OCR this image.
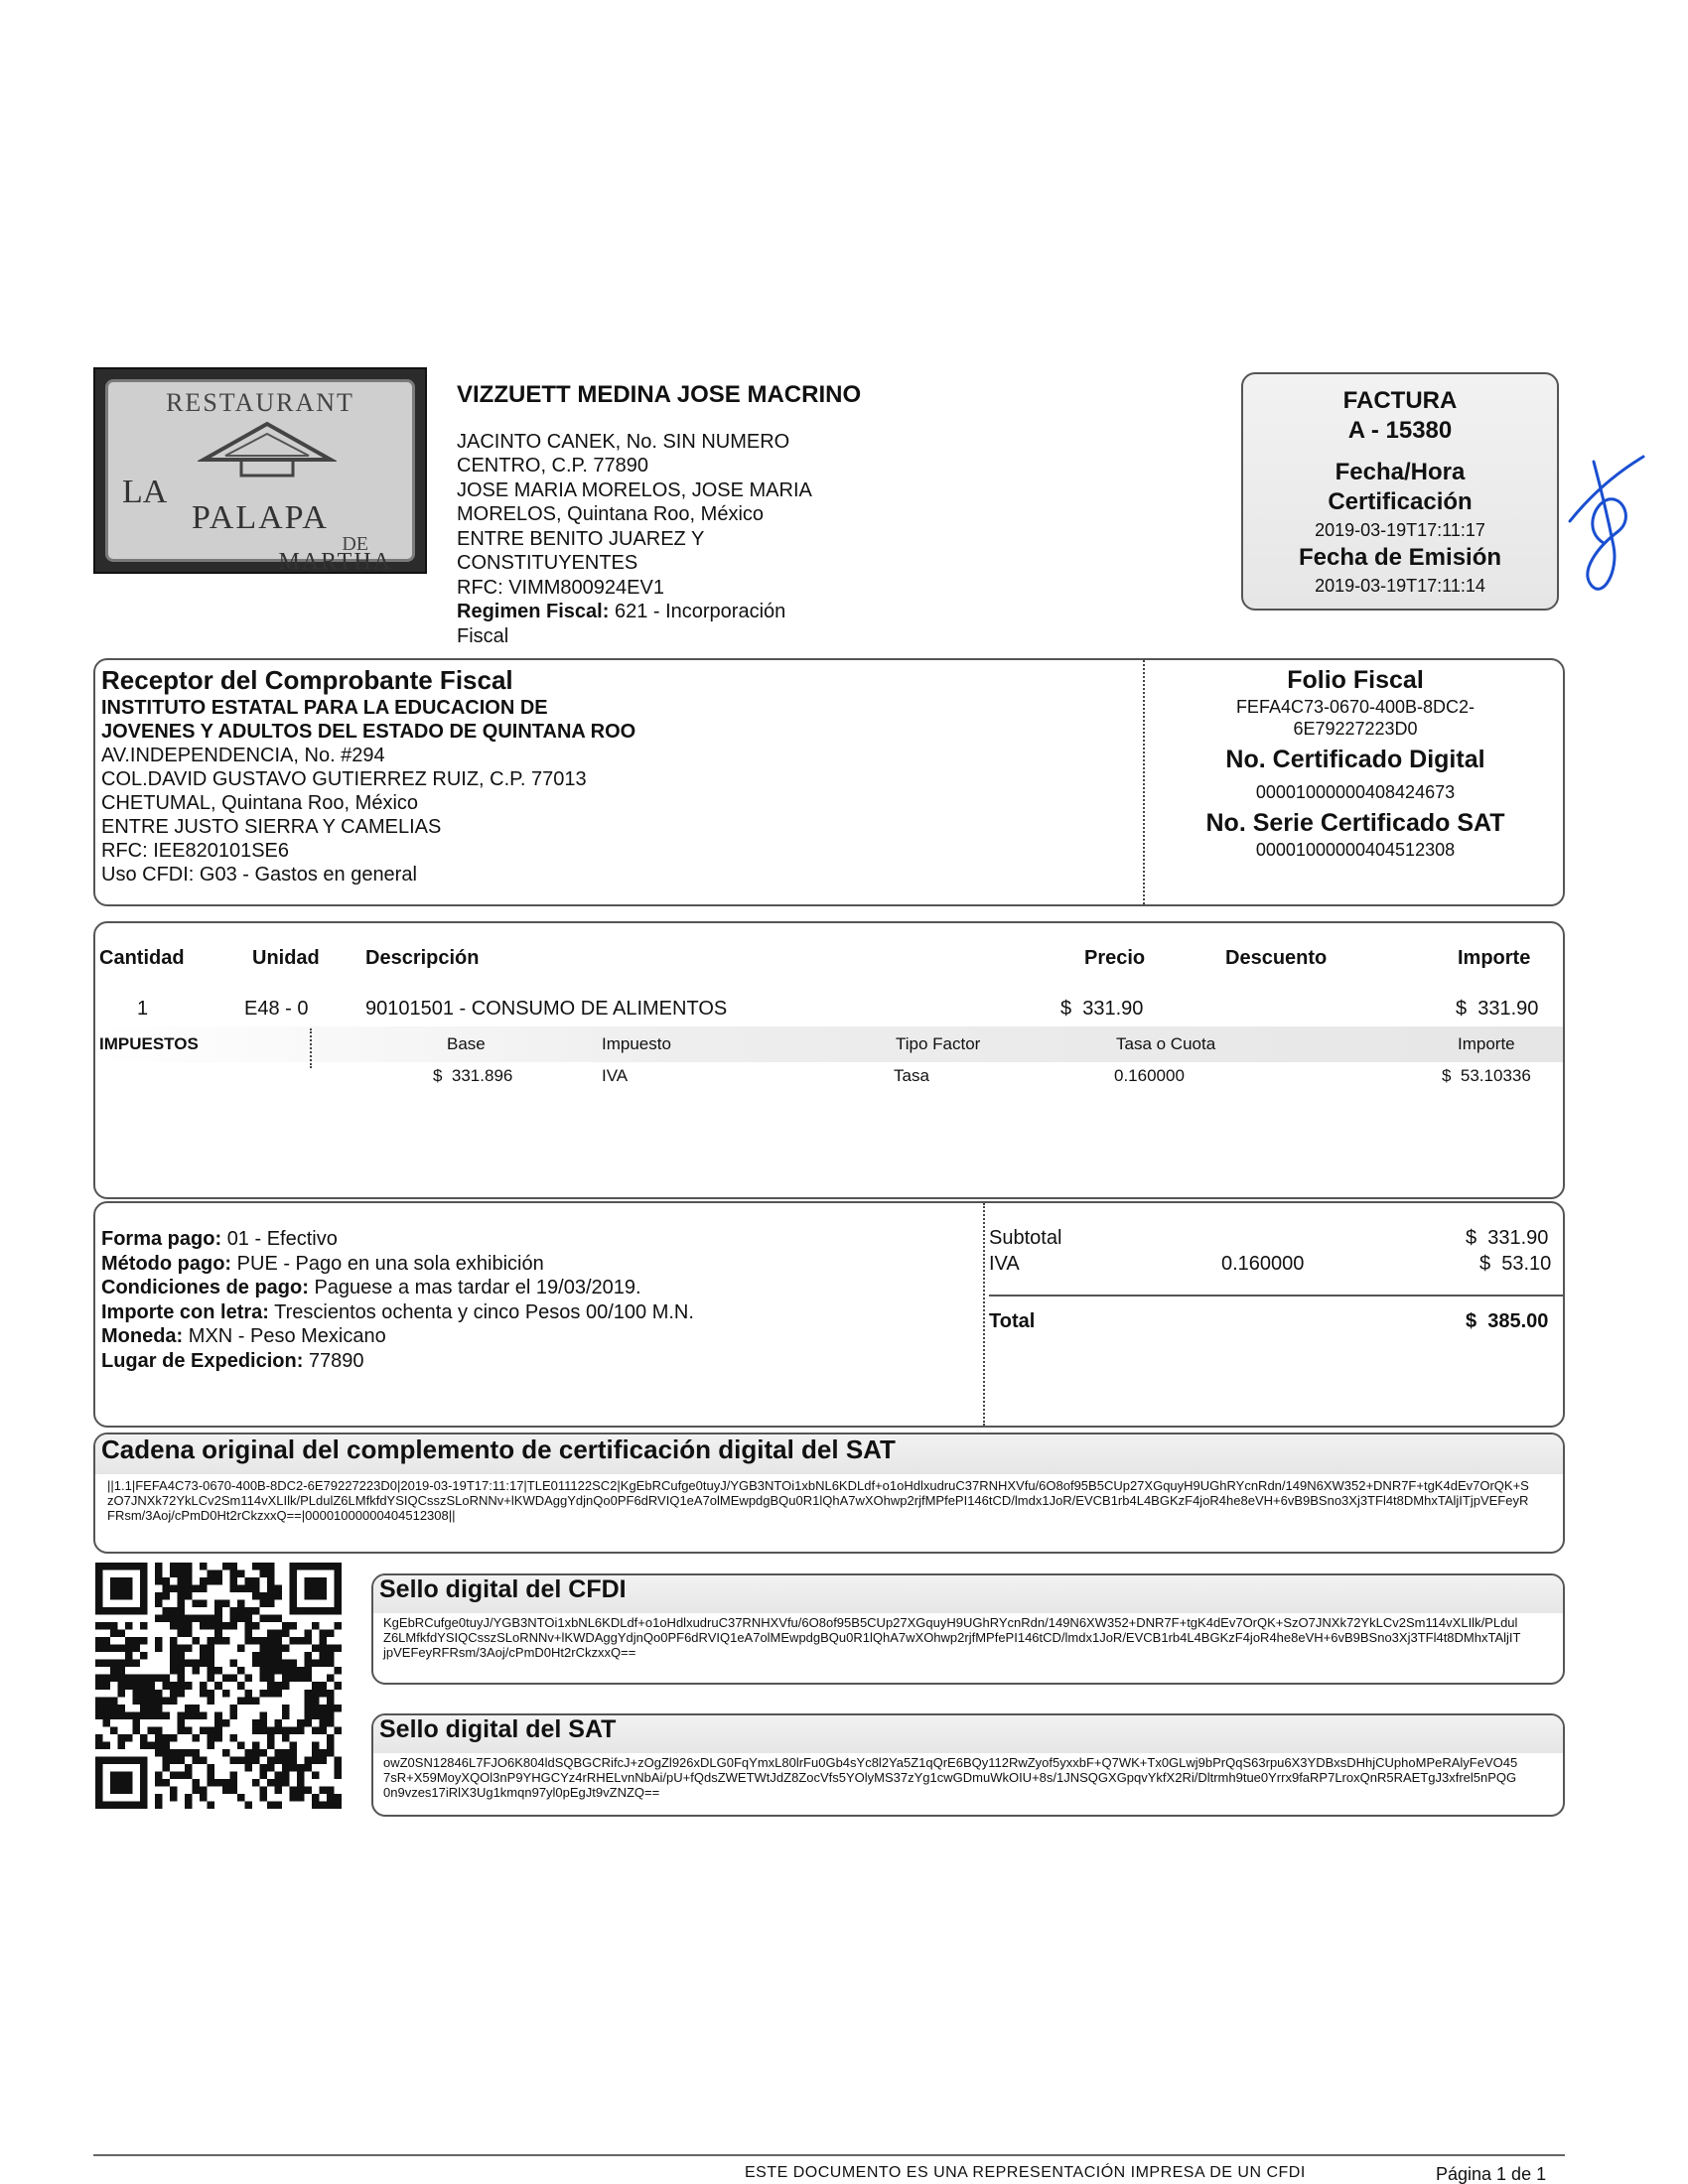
RESTAURANT
LA
PALAPA
DE
MARTHA
VIZZUETT MEDINA JOSE MACRINO
JACINTO CANEK, No. SIN NUMERO
CENTRO, C.P. 77890
JOSE MARIA MORELOS, JOSE MARIA
MORELOS, Quintana Roo, México
ENTRE BENITO JUAREZ Y
CONSTITUYENTES
RFC: VIMM800924EV1
Regimen Fiscal: 621 - Incorporación
Fiscal
FACTURA
A - 15380
Fecha/Hora
Certificación
2019-03-19T17:11:17
Fecha de Emisión
2019-03-19T17:11:14
Receptor del Comprobante Fiscal
INSTITUTO ESTATAL PARA LA EDUCACION DE
JOVENES Y ADULTOS DEL ESTADO DE QUINTANA ROO
AV.INDEPENDENCIA, No. #294
COL.DAVID GUSTAVO GUTIERREZ RUIZ, C.P. 77013
CHETUMAL, Quintana Roo, México
ENTRE JUSTO SIERRA Y CAMELIAS
RFC: IEE820101SE6
Uso CFDI: G03 - Gastos en general
Folio Fiscal
FEFA4C73-0670-400B-8DC2-
6E79227223D0
No. Certificado Digital
00001000000408424673
No. Serie Certificado SAT
00001000000404512308
Cantidad	Unidad Descripción	Precio	Descuento	Importe
1	E48 - 0	90101501 - CONSUMO DE ALIMENTOS	$  331.90	$  331.90
IMPUESTOS	Base	Impuesto	Tipo Factor	Tasa o Cuota	Importe
$  331.896	IVA	Tasa	0.160000	$  53.10336
Forma pago: 01 - Efectivo
Método pago: PUE - Pago en una sola exhibición
Condiciones de pago: Paguese a mas tardar el 19/03/2019.
Importe con letra: Trescientos ochenta y cinco Pesos 00/100 M.N.
Moneda: MXN - Peso Mexicano
Lugar de Expedicion: 77890
Subtotal	$  331.90
IVA	0.160000	$  53.10
Total	$  385.00
Cadena original del complemento de certificación digital del SAT
||1.1|FEFA4C73-0670-400B-8DC2-6E79227223D0|2019-03-19T17:11:17|TLE011122SC2|KgEbRCufge0tuyJ/YGB3NTOi1xbNL6KDLdf+o1oHdlxudruC37RNHXVfu/6O8of95B5CUp27XGquyH9UGhRYcnRdn/149N6XW352+DNR7F+tgK4dEv7OrQK+SzO7JNXk72YkLCv2Sm114vXLIlk/PLdulZ6LMfkfdYSIQCsszSLoRNNv+lKWDAggYdjnQo0PF6dRVIQ1eA7olMEwpdgBQu0R1lQhA7wXOhwp2rjfMPfePI146tCD/lmdx1JoR/EVCB1rb4L4BGKzF4joR4he8eVH+6vB9BSno3Xj3TFl4t8DMhxTAljITjpVEFeyRFRsm/3Aoj/cPmD0Ht2rCkzxxQ==|00001000000404512308||
Sello digital del CFDI
KgEbRCufge0tuyJ/YGB3NTOi1xbNL6KDLdf+o1oHdlxudruC37RNHXVfu/6O8of95B5CUp27XGquyH9UGhRYcnRdn/149N6XW352+DNR7F+tgK4dEv7OrQK+SzO7JNXk72YkLCv2Sm114vXLIlk/PLdulZ6LMfkfdYSIQCsszSLoRNNv+lKWDAggYdjnQo0PF6dRVIQ1eA7olMEwpdgBQu0R1lQhA7wXOhwp2rjfMPfePI146tCD/lmdx1JoR/EVCB1rb4L4BGKzF4joR4he8eVH+6vB9BSno3Xj3TFl4t8DMhxTAljITjpVEFeyRFRsm/3Aoj/cPmD0Ht2rCkzxxQ==
Sello digital del SAT
owZ0SN12846L7FJO6K804ldSQBGCRifcJ+zOgZl926xDLG0FqYmxL80lrFu0Gb4sYc8l2Ya5Z1qQrE6BQy112RwZyof5yxxbF+Q7WK+Tx0GLwj9bPrQqS63rpu6X3YDBxsDHhjCUphoMPeRAlyFeVO457sR+X59MoyXQOl3nP9YHGCYz4rRHELvnNbAi/pU+fQdsZWETWtJdZ8ZocVfs5YOlyMS37zYg1cwGDmuWkOIU+8s/1JNSQGXGpqvYkfX2Ri/Dltrmh9tue0Yrrx9faRP7LroxQnR5RAETgJ3xfrel5nPQG0n9vzes17iRlX3Ug1kmqn97yl0pEgJt9vZNZQ==
ESTE DOCUMENTO ES UNA REPRESENTACIÓN IMPRESA DE UN CFDI	Página 1 de 1
